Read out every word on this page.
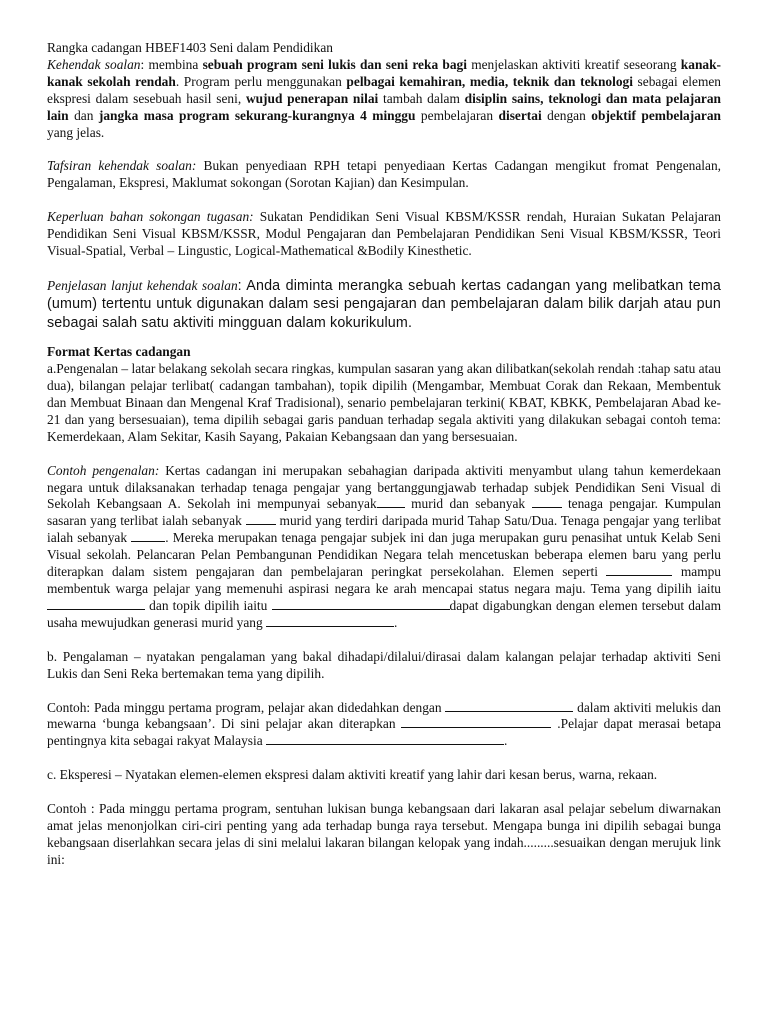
Rangka cadangan HBEF1403 Seni dalam Pendidikan

Kehendak soalan: membina sebuah program seni lukis dan seni reka bagi menjelaskan aktiviti kreatif seseorang kanak-kanak sekolah rendah. Program perlu menggunakan pelbagai kemahiran, media, teknik dan teknologi sebagai elemen ekspresi dalam sesebuah hasil seni, wujud penerapan nilai tambah dalam disiplin sains, teknologi dan mata pelajaran lain dan jangka masa program sekurang-kurangnya 4 minggu pembelajaran disertai dengan objektif pembelajaran yang jelas.

Tafsiran kehendak soalan: Bukan penyediaan RPH tetapi penyediaan Kertas Cadangan mengikut fromat Pengenalan, Pengalaman, Ekspresi, Maklumat sokongan (Sorotan Kajian) dan Kesimpulan.

Keperluan bahan sokongan tugasan: Sukatan Pendidikan Seni Visual KBSM/KSSR rendah, Huraian Sukatan Pelajaran Pendidikan Seni Visual KBSM/KSSR, Modul Pengajaran dan Pembelajaran Pendidikan Seni Visual KBSM/KSSR, Teori Visual-Spatial, Verbal – Lingustic, Logical-Mathematical &Bodily Kinesthetic.

Penjelasan lanjut kehendak soalan: Anda diminta merangka sebuah kertas cadangan yang melibatkan tema (umum) tertentu untuk digunakan dalam sesi pengajaran dan pembelajaran dalam bilik darjah atau pun sebagai salah satu aktiviti mingguan dalam kokurikulum.

Format Kertas cadangan

a.Pengenalan – latar belakang sekolah secara ringkas, kumpulan sasaran yang akan dilibatkan(sekolah rendah :tahap satu atau dua), bilangan pelajar terlibat( cadangan tambahan), topik dipilih (Mengambar, Membuat Corak dan Rekaan, Membentuk dan Membuat Binaan dan Mengenal Kraf Tradisional), senario pembelajaran terkini( KBAT, KBKK, Pembelajaran Abad ke-21 dan yang bersesuaian), tema dipilih sebagai garis panduan terhadap segala aktiviti yang dilakukan sebagai contoh tema: Kemerdekaan, Alam Sekitar, Kasih Sayang, Pakaian Kebangsaan dan yang bersesuaian.

Contoh pengenalan: Kertas cadangan ini merupakan sebahagian daripada aktiviti menyambut ulang tahun kemerdekaan negara untuk dilaksanakan terhadap tenaga pengajar yang bertanggungjawab terhadap subjek Pendidikan Seni Visual di Sekolah Kebangsaan A. Sekolah ini mempunyai sebanyak murid dan sebanyak  tenaga pengajar. Kumpulan sasaran yang terlibat ialah sebanyak  murid yang terdiri daripada murid Tahap Satu/Dua. Tenaga pengajar yang terlibat ialah sebanyak	. Mereka merupakan tenaga pengajar subjek ini dan juga merupakan guru penasihat untuk Kelab Seni Visual sekolah. Pelancaran Pelan Pembangunan Pendidikan Negara telah mencetuskan beberapa elemen baru yang perlu diterapkan dalam sistem pengajaran dan pembelajaran peringkat persekolahan. Elemen seperti	mampu membentuk warga pelajar yang memenuhi aspirasi negara ke arah mencapai status negara maju. Tema yang dipilih iaitu  dan topik dipilih iaitu	dapat digabungkan dengan elemen tersebut dalam usaha mewujudkan generasi murid yang	.

b. Pengalaman – nyatakan pengalaman yang bakal dihadapi/dilalui/dirasai dalam kalangan pelajar terhadap aktiviti Seni Lukis dan Seni Reka bertemakan tema yang dipilih.

Contoh: Pada minggu pertama program, pelajar akan didedahkan dengan	dalam aktiviti melukis dan mewarna ‘bunga kebangsaan’. Di sini pelajar akan diterapkan	.Pelajar dapat merasai betapa pentingnya kita sebagai rakyat Malaysia	.

c. Eksperesi – Nyatakan elemen-elemen ekspresi dalam aktiviti kreatif yang lahir dari kesan berus, warna, rekaan.

Contoh : Pada minggu pertama program, sentuhan lukisan bunga kebangsaan dari lakaran asal pelajar sebelum diwarnakan amat jelas menonjolkan ciri-ciri penting yang ada terhadap bunga raya tersebut. Mengapa bunga ini dipilih sebagai bunga kebangsaan diserlahkan secara jelas di sini melalui lakaran bilangan kelopak yang indah.........sesuaikan dengan merujuk link ini:
